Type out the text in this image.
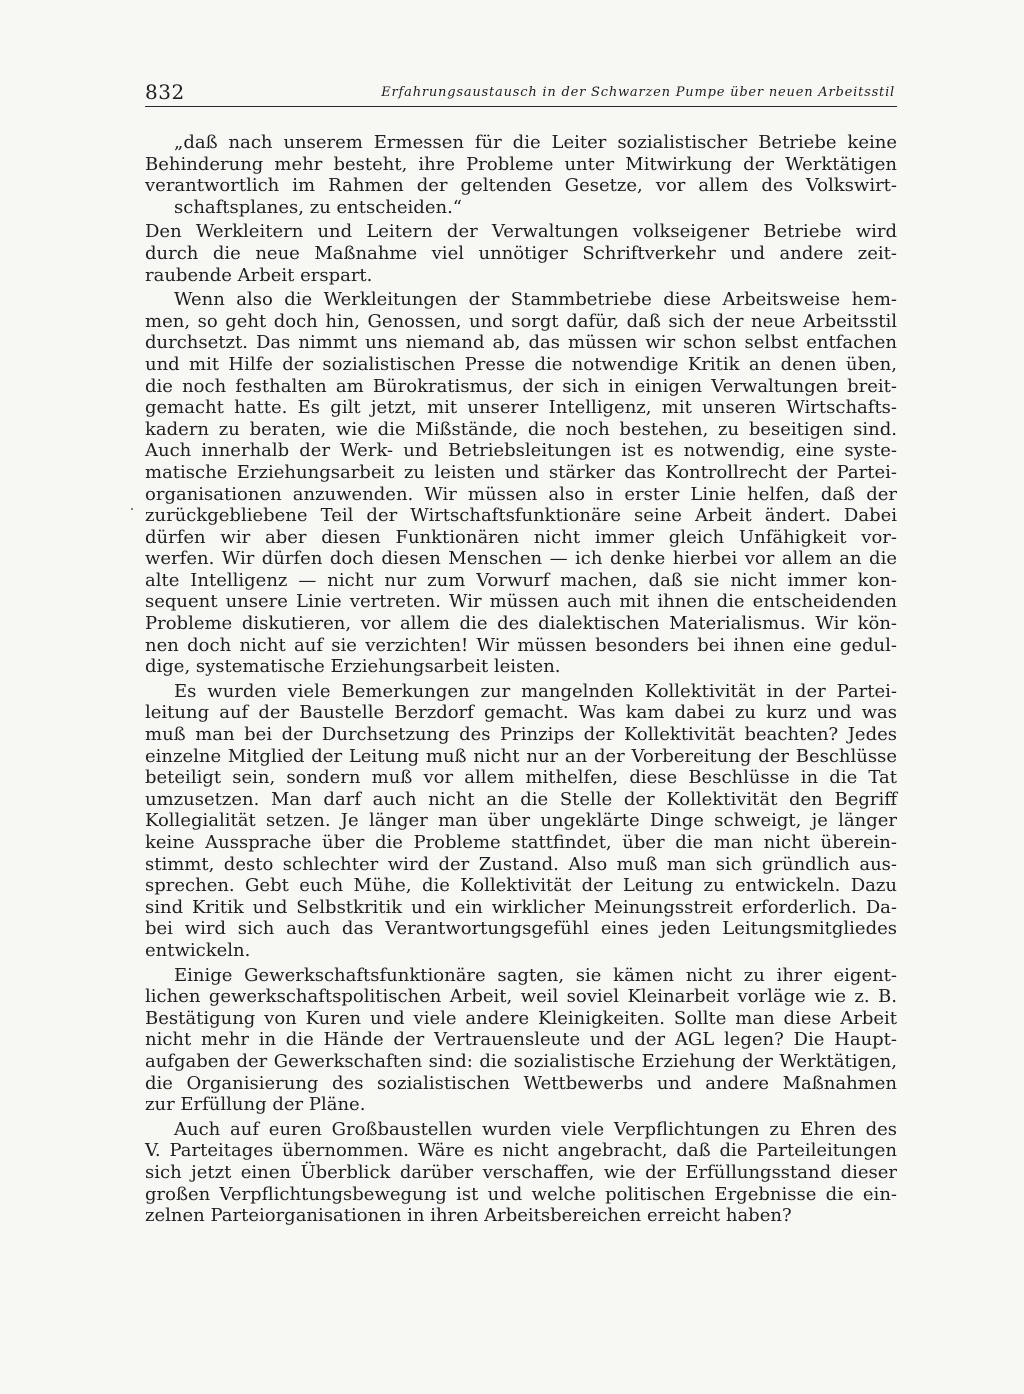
832	Erfahrungsaustausch in der Schwarzen Pumpe über neuen Arbeitsstil
„daß nach unserem Ermessen für die Leiter sozialistischer Betriebe keine
Behinderung mehr besteht, ihre Probleme unter Mitwirkung der Werktätigen
verantwortlich im Rahmen der geltenden Gesetze, vor allem des Volkswirt-
schaftsplanes, zu entscheiden.“
Den Werkleitern und Leitern der Verwaltungen volkseigener Betriebe wird
durch die neue Maßnahme viel unnötiger Schriftverkehr und andere zeit-
raubende Arbeit erspart.
Wenn also die Werkleitungen der Stammbetriebe diese Arbeitsweise hem-
men, so geht doch hin, Genossen, und sorgt dafür, daß sich der neue Arbeitsstil
durchsetzt. Das nimmt uns niemand ab, das müssen wir schon selbst entfachen
und mit Hilfe der sozialistischen Presse die notwendige Kritik an denen üben,
die noch festhalten am Bürokratismus, der sich in einigen Verwaltungen breit-
gemacht hatte. Es gilt jetzt, mit unserer Intelligenz, mit unseren Wirtschafts-
kadern zu beraten, wie die Mißstände, die noch bestehen, zu beseitigen sind.
Auch innerhalb der Werk- und Betriebsleitungen ist es notwendig, eine syste-
matische Erziehungsarbeit zu leisten und stärker das Kontrollrecht der Partei-
organisationen anzuwenden. Wir müssen also in erster Linie helfen, daß der
zurückgebliebene Teil der Wirtschaftsfunktionäre seine Arbeit ändert. Dabei
dürfen wir aber diesen Funktionären nicht immer gleich Unfähigkeit vor-
werfen. Wir dürfen doch diesen Menschen — ich denke hierbei vor allem an die
alte Intelligenz — nicht nur zum Vorwurf machen, daß sie nicht immer kon-
sequent unsere Linie vertreten. Wir müssen auch mit ihnen die entscheidenden
Probleme diskutieren, vor allem die des dialektischen Materialismus. Wir kön-
nen doch nicht auf sie verzichten! Wir müssen besonders bei ihnen eine gedul-
dige, systematische Erziehungsarbeit leisten.
Es wurden viele Bemerkungen zur mangelnden Kollektivität in der Partei-
leitung auf der Baustelle Berzdorf gemacht. Was kam dabei zu kurz und was
muß man bei der Durchsetzung des Prinzips der Kollektivität beachten? Jedes
einzelne Mitglied der Leitung muß nicht nur an der Vorbereitung der Beschlüsse
beteiligt sein, sondern muß vor allem mithelfen, diese Beschlüsse in die Tat
umzusetzen. Man darf auch nicht an die Stelle der Kollektivität den Begriff
Kollegialität setzen. Je länger man über ungeklärte Dinge schweigt, je länger
keine Aussprache über die Probleme stattfindet, über die man nicht überein-
stimmt, desto schlechter wird der Zustand. Also muß man sich gründlich aus-
sprechen. Gebt euch Mühe, die Kollektivität der Leitung zu entwickeln. Dazu
sind Kritik und Selbstkritik und ein wirklicher Meinungsstreit erforderlich. Da-
bei wird sich auch das Verantwortungsgefühl eines jeden Leitungsmitgliedes
entwickeln.
Einige Gewerkschaftsfunktionäre sagten, sie kämen nicht zu ihrer eigent-
lichen gewerkschaftspolitischen Arbeit, weil soviel Kleinarbeit vorläge wie z. B.
Bestätigung von Kuren und viele andere Kleinigkeiten. Sollte man diese Arbeit
nicht mehr in die Hände der Vertrauensleute und der AGL legen? Die Haupt-
aufgaben der Gewerkschaften sind: die sozialistische Erziehung der Werktätigen,
die Organisierung des sozialistischen Wettbewerbs und andere Maßnahmen
zur Erfüllung der Pläne.
Auch auf euren Großbaustellen wurden viele Verpflichtungen zu Ehren des
V. Parteitages übernommen. Wäre es nicht angebracht, daß die Parteileitungen
sich jetzt einen Überblick darüber verschaffen, wie der Erfüllungsstand dieser
großen Verpflichtungsbewegung ist und welche politischen Ergebnisse die ein-
zelnen Parteiorganisationen in ihren Arbeitsbereichen erreicht haben?
